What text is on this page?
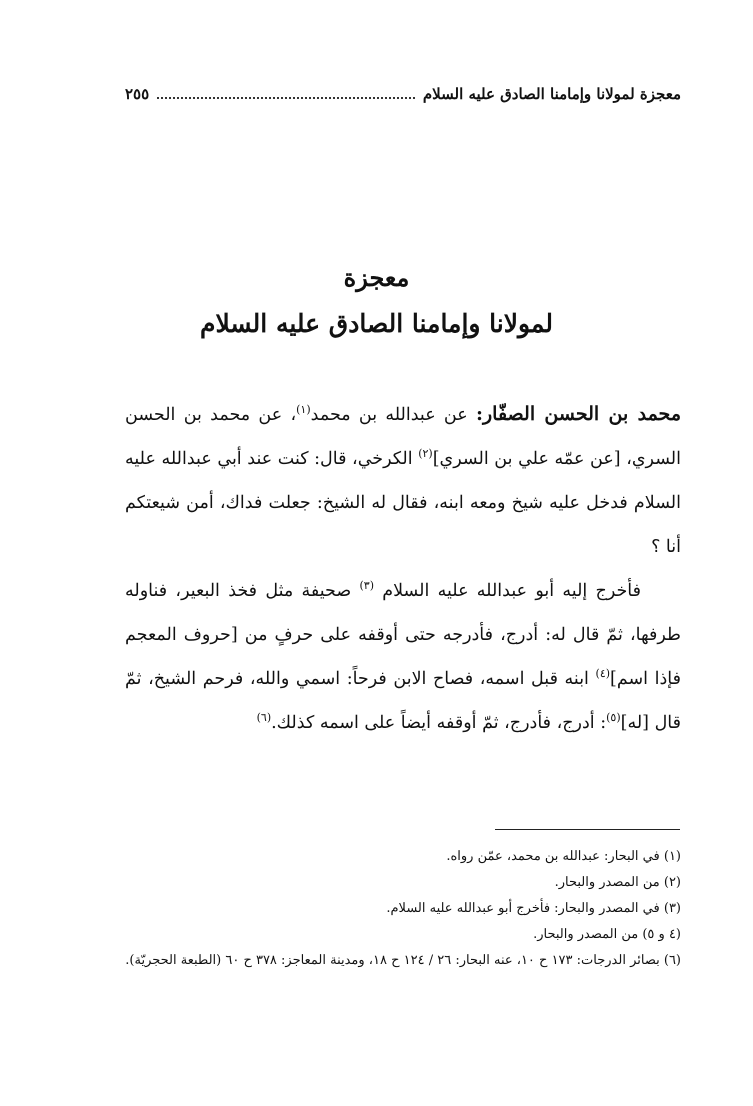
معجزة لمولانا وإمامنا الصادق عليه السلام
٢٥٥
معجزة
لمولانا وإمامنا الصادق عليه السلام

محمد بن الحسن الصفّار: عن عبدالله بن محمد$^{(١)}$، عن محمد بن الحسن السري، [عن عمّه علي بن السري]$^{(٢)}$ الكرخي، قال: كنت عند أبي عبدالله عليه السلام فدخل عليه شيخ ومعه ابنه، فقال له الشيخ: جعلت فداك، أمن شيعتكم أنا ؟

فأخرج إليه أبو عبدالله عليه السلام $^{(٣)}$ صحيفة مثل فخذ البعير، فناوله طرفها، ثمّ قال له: أدرج، فأدرجه حتى أوقفه على حرفٍ من [حروف المعجم فإذا اسم]$^{(٤)}$ ابنه قبل اسمه، فصاح الابن فرحاً: اسمي والله، فرحم الشيخ، ثمّ قال [له]$^{(٥)}$: أدرج، فأدرج، ثمّ أوقفه أيضاً على اسمه كذلك.$^{(٦)}$

(١) في البحار: عبدالله بن محمد، عمّن رواه.

(٢) من المصدر والبحار.

(٣) في المصدر والبحار: فأخرج أبو عبدالله عليه السلام.

(٤ و ٥) من المصدر والبحار.

(٦) بصائر الدرجات: ١٧٣ ح ١٠، عنه البحار: ٢٦ / ١٢٤ ح ١٨، ومدينة المعاجز: ٣٧٨ ح ٦٠ (الطبعة الحجريّة).
